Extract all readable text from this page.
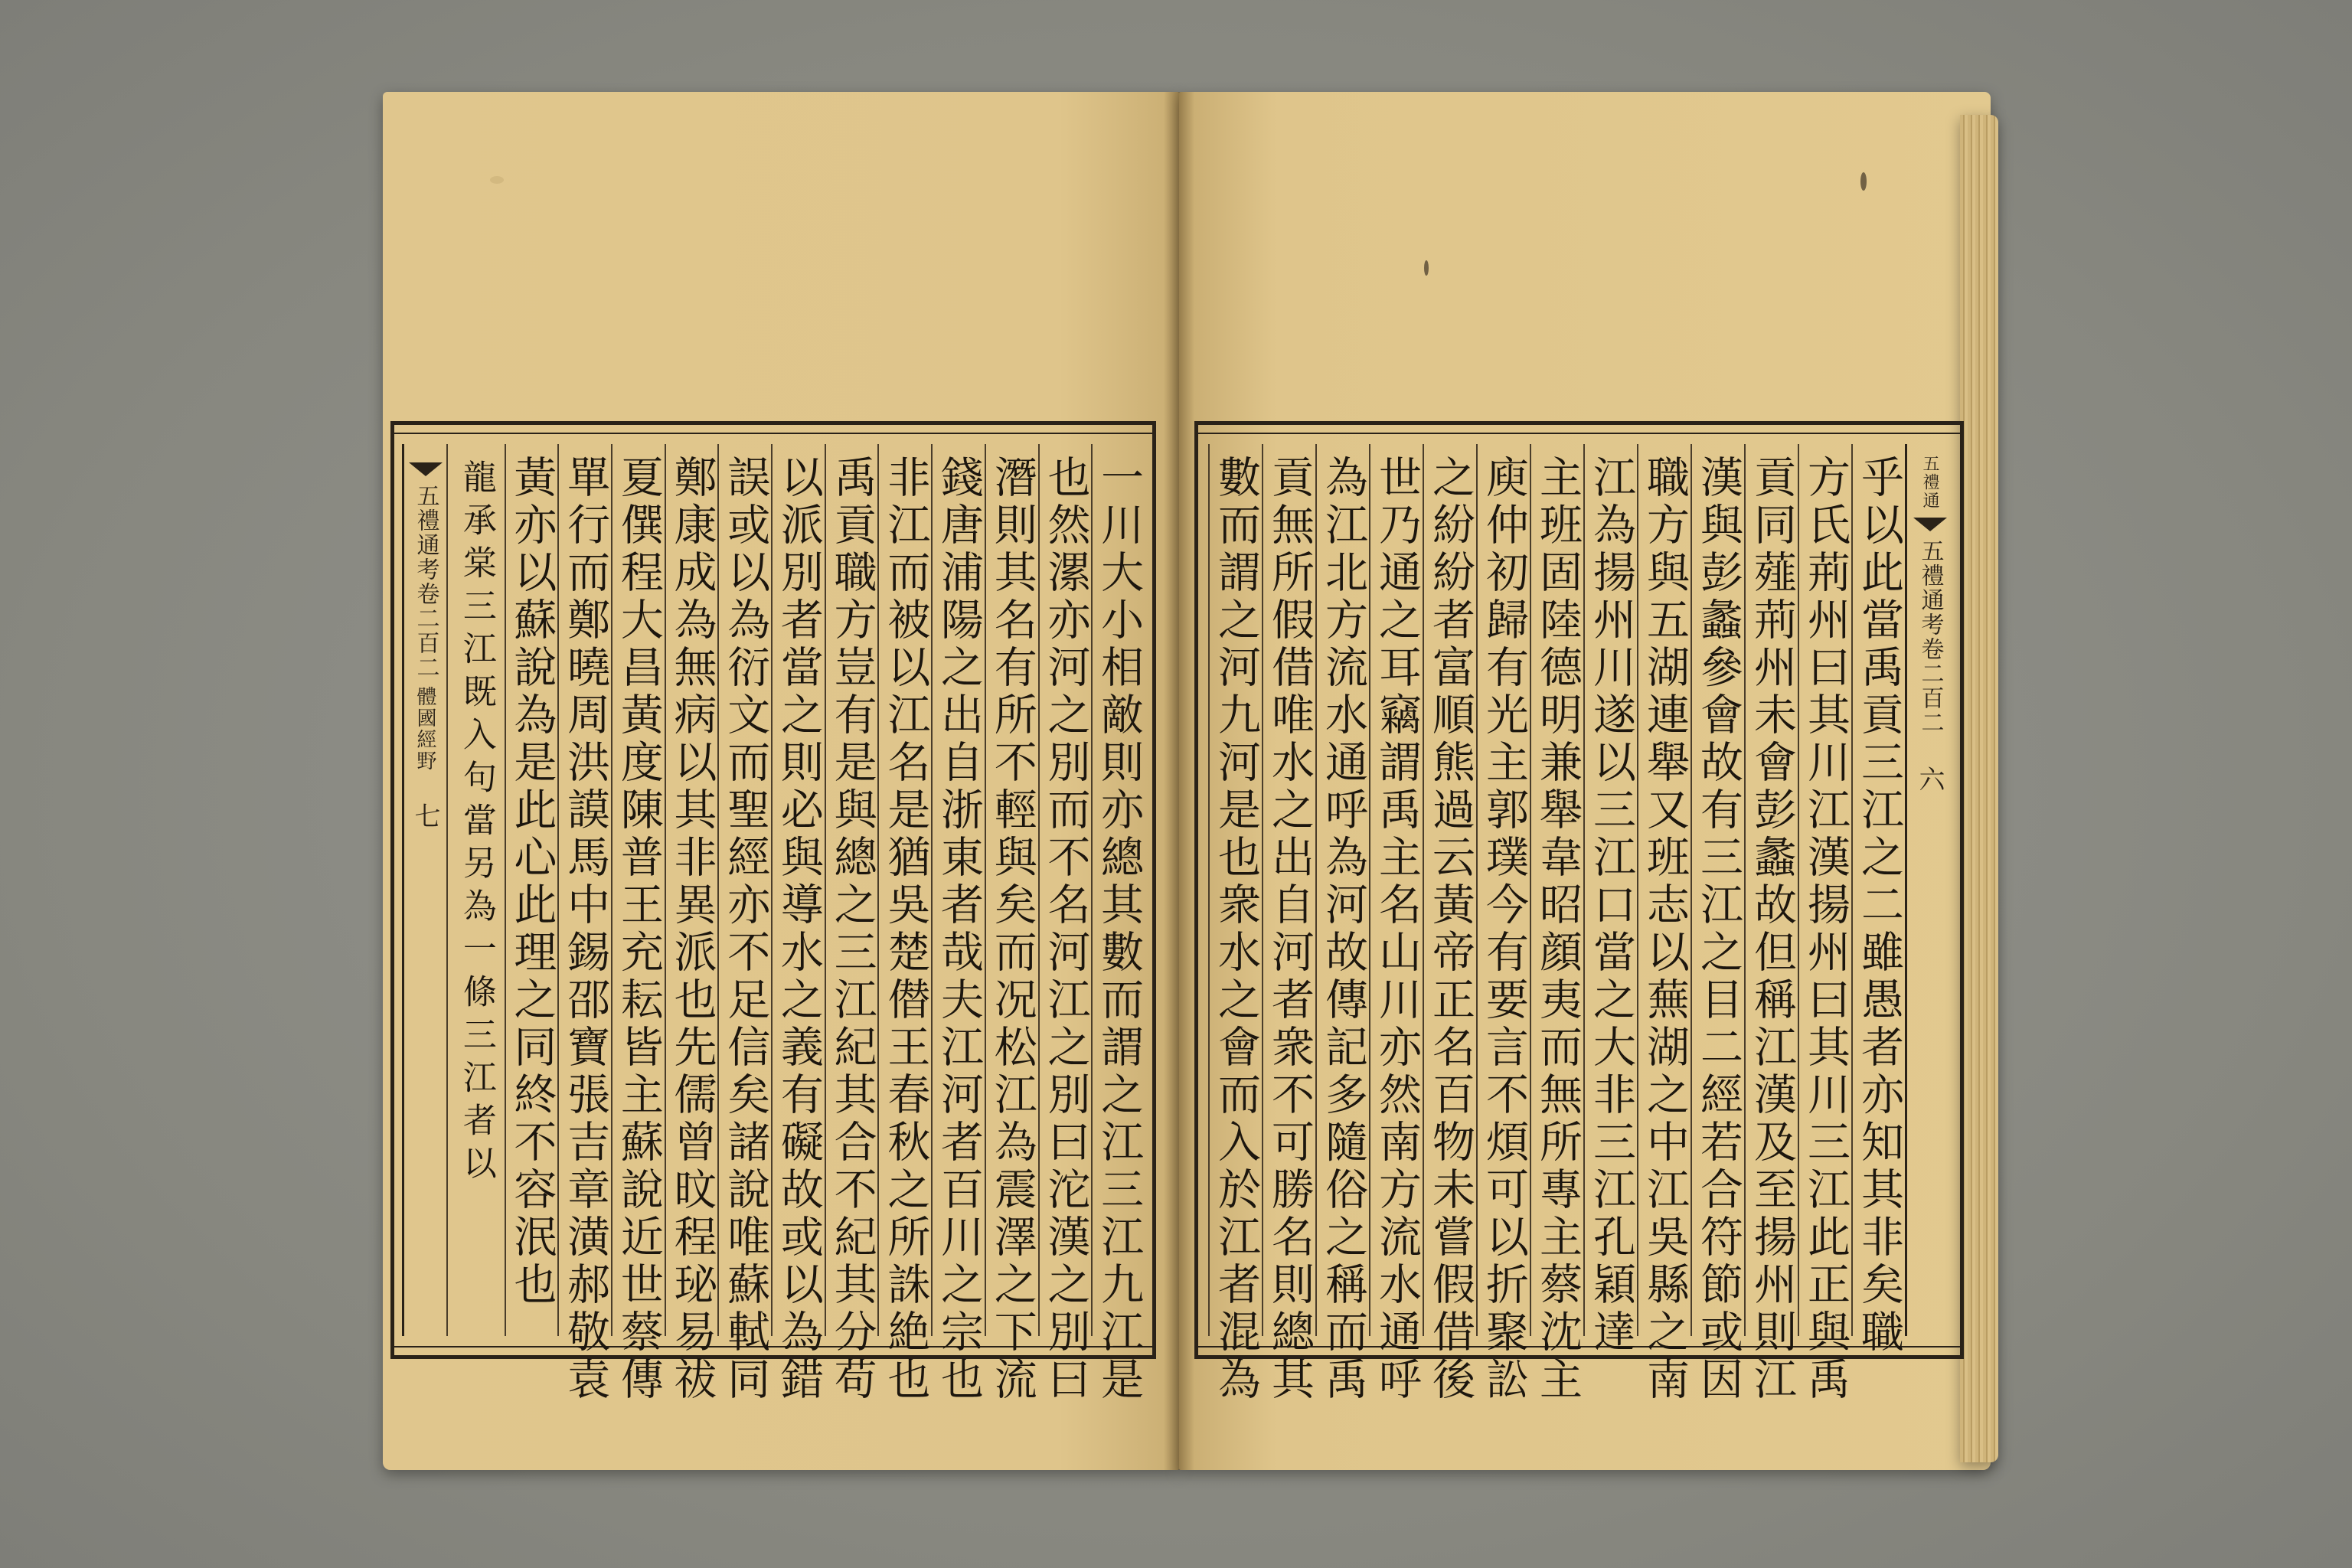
一川大小相敵則亦總其數而謂之江三江九江是
也然漯亦河之別而不名河江之別曰沱漢之別曰
潛則其名有所不輕與矣而况松江為震澤之下流
錢唐浦陽之出自浙東者哉夫江河者百川之宗也
非江而被以江名是猶吳楚僣王春秋之所誅絶也
禹貢職方豈有是與總之三江紀其合不紀其分苟
以派別者當之則必與導水之義有礙故或以為錯
誤或以為衍文而聖經亦不足信矣諸說唯蘇軾同
鄭康成為無病以其非異派也先儒曾旼程珌易祓
夏僎程大昌黃度陳普王充耘皆主蘇說近世蔡傳
單行而鄭曉周洪謨馬中錫邵寶張吉章潢郝敬袁
黃亦以蘇說為是此心此理之同終不容泯也
龍承棠三江既入句當另為一條三江者以
五禮通考卷二百二
體國經野
七
五禮通
五禮通考卷二百二
六
乎以此當禹貢三江之二雖愚者亦知其非矣職
方氏荊州曰其川江漢揚州曰其川三江此正與禹
貢同薤荊州未會彭蠡故但稱江漢及至揚州則江
漢與彭蠡參會故有三江之目二經若合符節或因
職方與五湖連舉又班志以蕪湖之中江吳縣之南
江為揚州川遂以三江口當之大非三江孔穎達
主班固陸德明兼舉韋昭顔夷而無所專主蔡沈主
庾仲初歸有光主郭璞今有要言不煩可以折聚訟
之紛紛者富順熊過云黃帝正名百物未嘗假借後
世乃通之耳竊謂禹主名山川亦然南方流水通呼
為江北方流水通呼為河故傳記多隨俗之稱而禹
貢無所假借唯水之出自河者衆不可勝名則總其
數而謂之河九河是也衆水之會而入於江者混為
